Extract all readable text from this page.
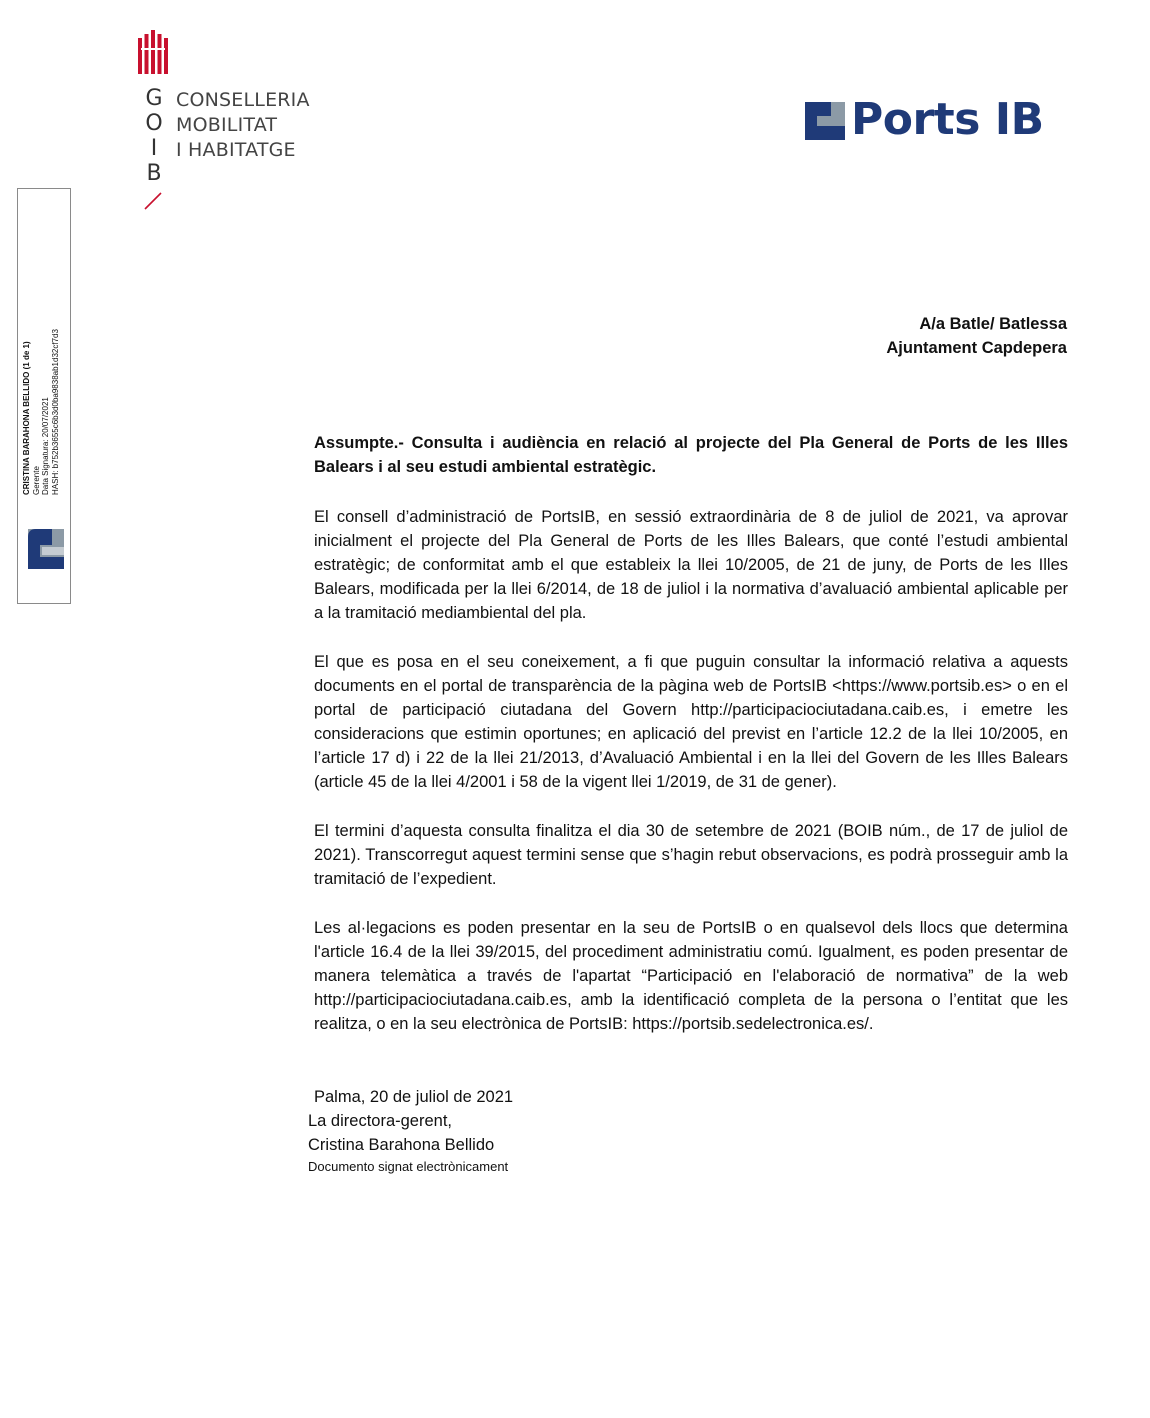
G
O
I
B
CONSELLERIA
MOBILITAT
I HABITATGE
Ports IB
CRISTINA BARAHONA BELLIDO (1 de 1) Gerente Data Signatura: 20/07/2021 HASH: b752b3655c6b3d0ba9838ab1d32cf7d3
A/a Batle/ Batlessa
Ajuntament Capdepera
Assumpte.- Consulta i audiència en relació al projecte del Pla General de Ports de les Illes Balears i al seu estudi ambiental estratègic.
El consell d’administració de PortsIB, en sessió extraordinària de 8 de juliol de 2021, va aprovar inicialment el projecte del Pla General de Ports de les Illes Balears, que conté l’estudi ambiental estratègic; de conformitat amb el que estableix la llei 10/2005, de 21 de juny, de Ports de les Illes Balears, modificada per la llei 6/2014, de 18 de juliol i la normativa d’avaluació ambiental aplicable per a la tramitació mediambiental del pla.
El que es posa en el seu coneixement, a fi que puguin consultar la informació relativa a aquests documents en el portal de transparència de la pàgina web de PortsIB <https://www.portsib.es> o en el portal de participació ciutadana del Govern http://participaciociutadana.caib.es, i emetre les consideracions que estimin oportunes; en aplicació del previst en l’article 12.2 de la llei 10/2005, en l’article 17 d) i 22 de la llei 21/2013, d’Avaluació Ambiental i en la llei del Govern de les Illes Balears (article 45 de la llei 4/2001 i 58 de la vigent llei 1/2019, de 31 de gener).
El termini d’aquesta consulta finalitza el dia 30 de setembre de 2021 (BOIB núm., de 17 de juliol de 2021). Transcorregut aquest termini sense que s’hagin rebut observacions, es podrà prosseguir amb la tramitació de l’expedient.
Les al·legacions es poden presentar en la seu de PortsIB o en qualsevol dels llocs que determina l'article 16.4 de la llei 39/2015, del procediment administratiu comú. Igualment, es poden presentar de manera telemàtica a través de l'apartat “Participació en l'elaboració de normativa” de la web http://participaciociutadana.caib.es, amb la identificació completa de la persona o l’entitat que les realitza, o en la seu electrònica de PortsIB: https://portsib.sedelectronica.es/.
Palma, 20 de juliol de 2021
La directora-gerent,
Cristina Barahona Bellido
Documento signat electrònicament
